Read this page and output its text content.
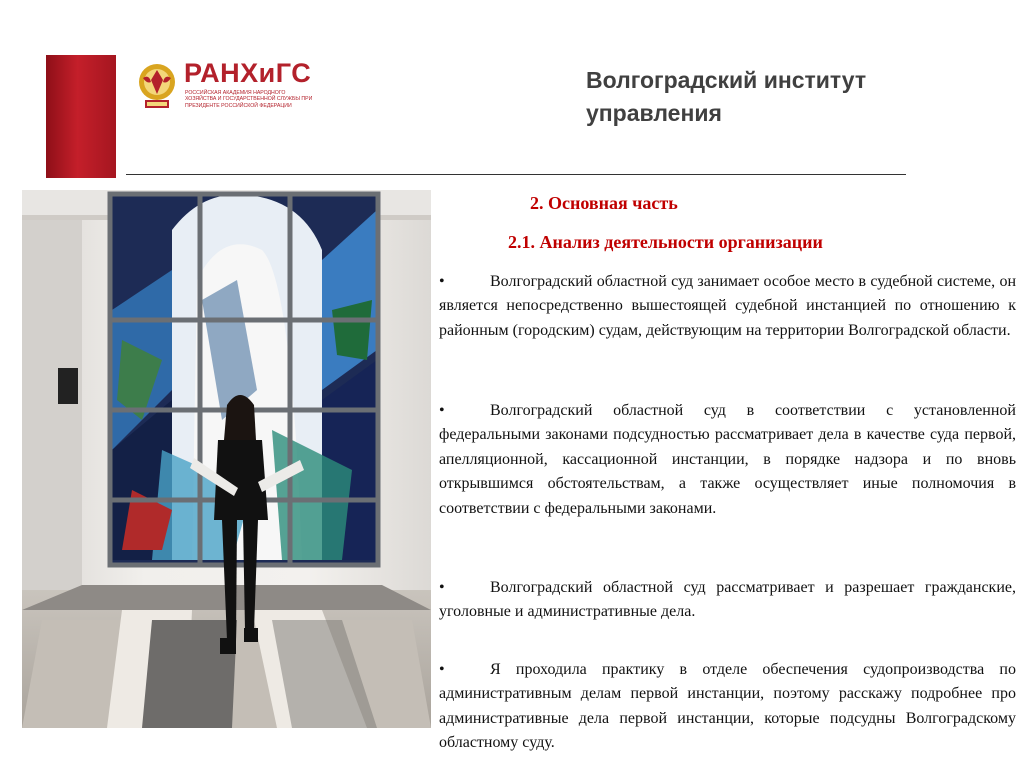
РАНХиГС
РОССИЙСКАЯ АКАДЕМИЯ НАРОДНОГО ХОЗЯЙСТВА И ГОСУДАРСТВЕННОЙ СЛУЖБЫ ПРИ ПРЕЗИДЕНТЕ РОССИЙСКОЙ ФЕДЕРАЦИИ
Волгоградский институт
управления
2. Основная часть
2.1. Анализ деятельности организации
•	Волгоградский областной суд занимает особое место в судебной системе, он является непосредственно вышестоящей судебной инстанцией по отношению к районным (городским) судам, действующим на территории Волгоградской области.
•	Волгоградский областной суд в соответствии с установленной федеральными законами подсудностью рассматривает дела в качестве суда первой, апелляционной, кассационной инстанции, в порядке надзора и по вновь открывшимся обстоятельствам, а также осуществляет иные полномочия в соответствии с федеральными законами.
•	Волгоградский областной суд рассматривает и разрешает гражданские, уголовные и административные дела.
•	Я проходила практику в отделе обеспечения судопроизводства по административным делам первой инстанции, поэтому расскажу подробнее про административные дела первой инстанции, которые подсудны Волгоградскому областному суду.
